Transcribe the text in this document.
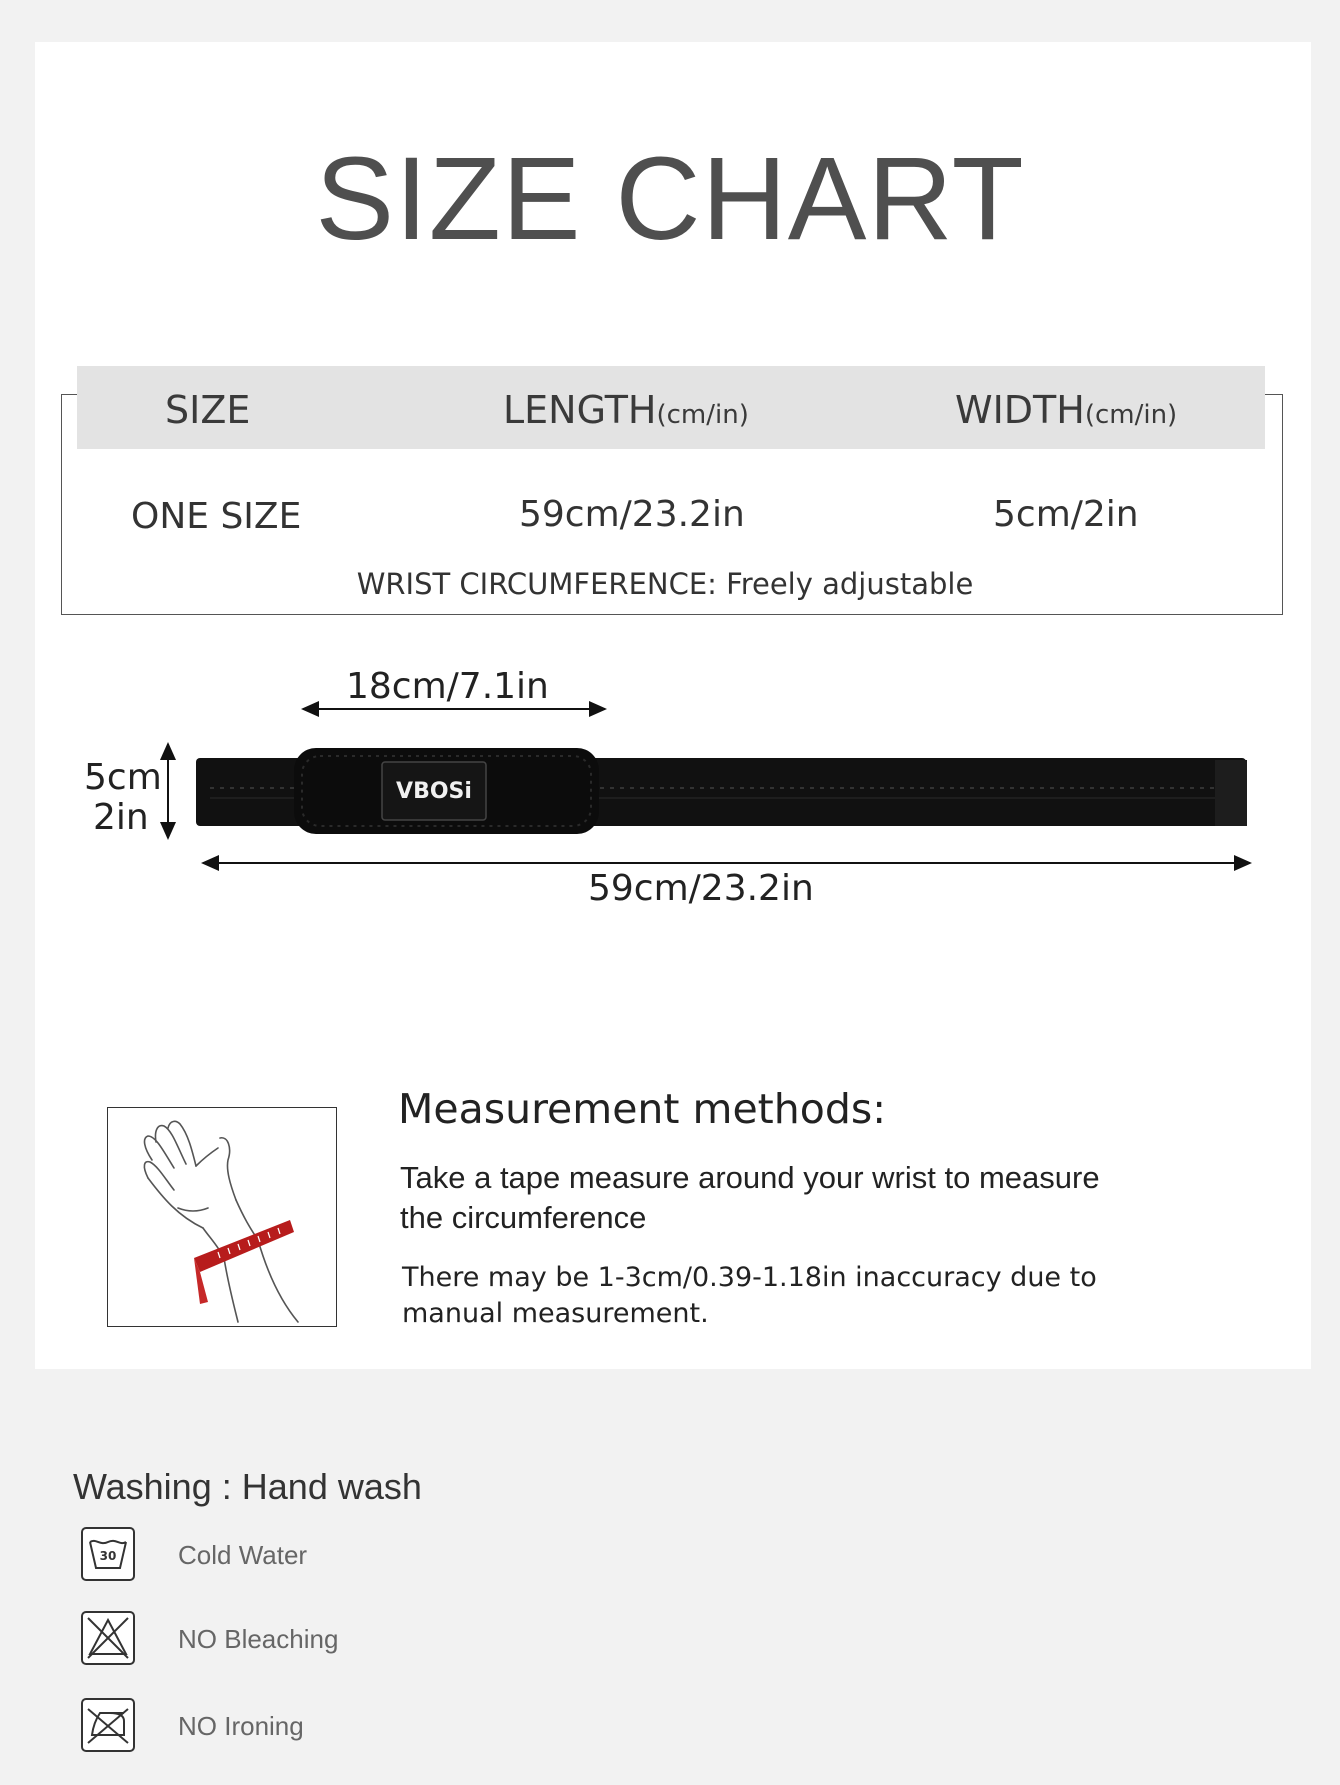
SIZE CHART
SIZE	LENGTH(cm/in)	WIDTH(cm/in)
ONE SIZE	59cm/23.2in	5cm/2in
WRIST CIRCUMFERENCE: Freely adjustable
18cm/7.1in
5cm
2in
59cm/23.2in
VBOSi
Measurement methods:
Take a tape measure around your wrist to measure the circumference
There may be 1-3cm/0.39-1.18in inaccuracy due to manual measurement.
Washing : Hand wash
30 Cold Water
NO Bleaching
NO Ironing
